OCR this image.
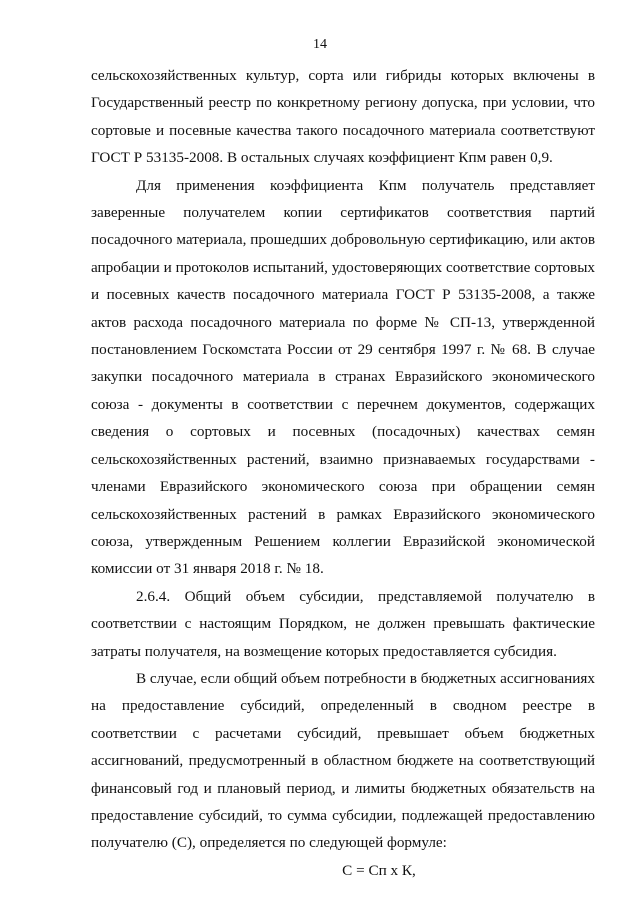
14

сельскохозяйственных культур, сорта или гибриды которых включены в Государственный реестр по конкретному региону допуска, при условии, что сортовые и посевные качества такого посадочного материала соответствуют ГОСТ Р 53135-2008. В остальных случаях коэффициент Кпм равен 0,9.

Для применения коэффициента Кпм получатель представляет заверенные получателем копии сертификатов соответствия партий посадочного материала, прошедших добровольную сертификацию, или актов апробации и протоколов испытаний, удостоверяющих соответствие сортовых и посевных качеств посадочного материала ГОСТ Р 53135-2008, а также актов расхода посадочного материала по форме № СП-13, утвержденной постановлением Госкомстата России от 29 сентября 1997 г. № 68. В случае закупки посадочного материала в странах Евразийского экономического союза - документы в соответствии с перечнем документов, содержащих сведения о сортовых и посевных (посадочных) качествах семян сельскохозяйственных растений, взаимно признаваемых государствами - членами Евразийского экономического союза при обращении семян сельскохозяйственных растений в рамках Евразийского экономического союза, утвержденным Решением коллегии Евразийской экономической комиссии от 31 января 2018 г. № 18.

2.6.4. Общий объем субсидии, представляемой получателю в соответствии с настоящим Порядком, не должен превышать фактические затраты получателя, на возмещение которых предоставляется субсидия.

В случае, если общий объем потребности в бюджетных ассигнованиях на предоставление субсидий, определенный в сводном реестре в соответствии с расчетами субсидий, превышает объем бюджетных ассигнований, предусмотренный в областном бюджете на соответствующий финансовый год и плановый период, и лимиты бюджетных обязательств на предоставление субсидий, то сумма субсидии, подлежащей предоставлению получателю (С), определяется по следующей формуле:

С = Сп х К,
